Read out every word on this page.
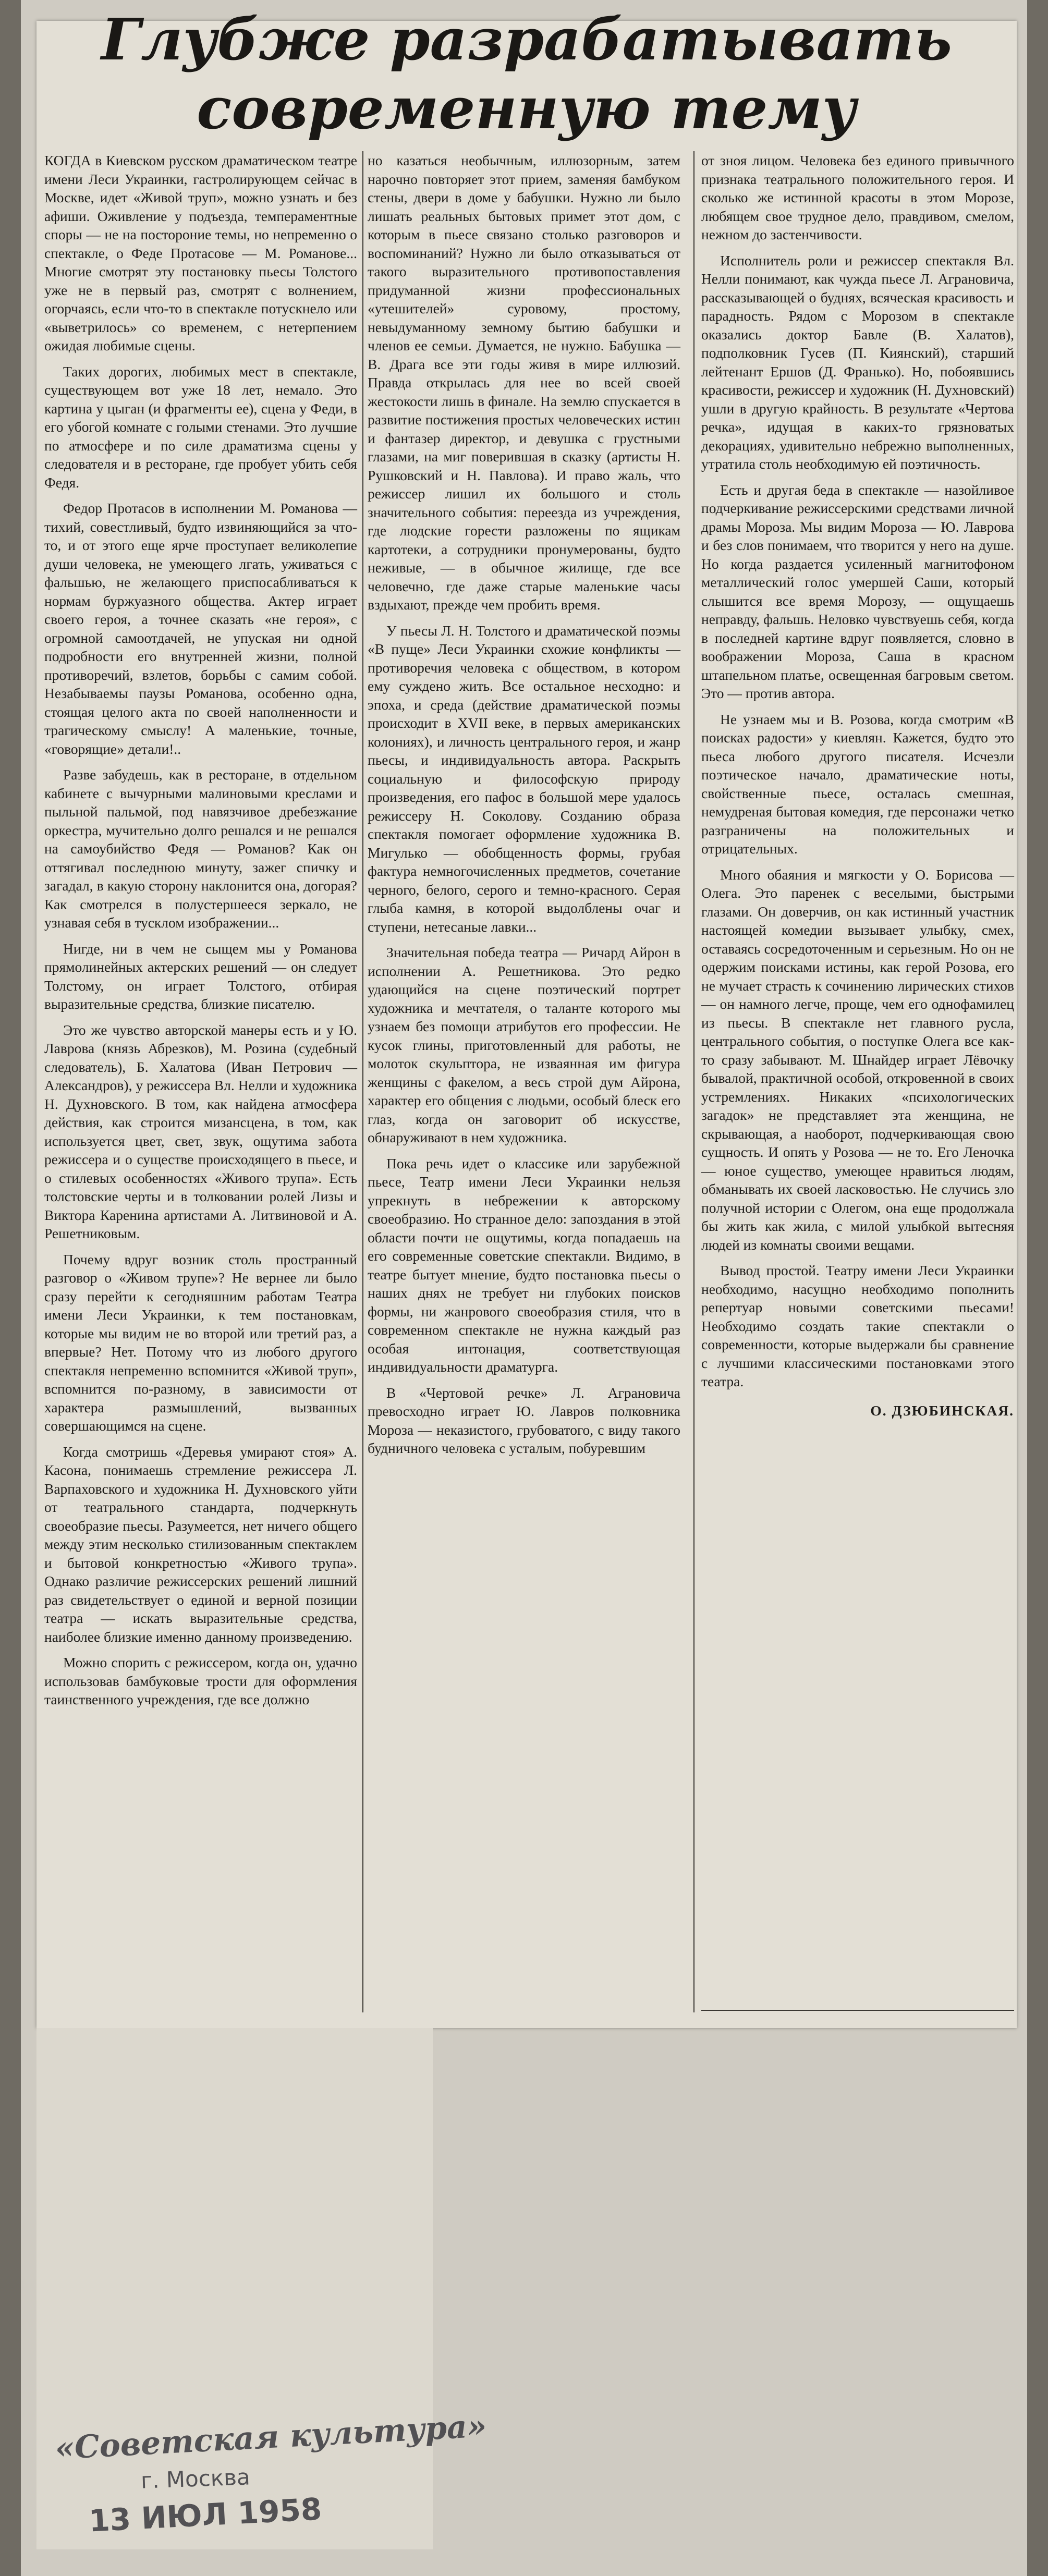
Глубже разрабатывать
современную тему

КОГДА в Киевском русском драматическом театре имени Леси Украинки, гастролирующем сейчас в Москве, идет «Живой труп», можно узнать и без афиши. Оживление у подъезда, темпераментные споры — не на постороние темы, но непременно о спектакле, о Феде Протасове — М. Романове... Многие смотрят эту постановку пьесы Толстого уже не в первый раз, смотрят с волнением, огорчаясь, если что-то в спектакле потускнело или «выветрилось» со временем, с нетерпением ожидая любимые сцены.

Таких дорогих, любимых мест в спектакле, существующем вот уже 18 лет, немало. Это картина у цыган (и фрагменты ее), сцена у Феди, в его убогой комнате с голыми стенами. Это лучшие по атмосфере и по силе драматизма сцены у следователя и в ресторане, где пробует убить себя Федя.

Федор Протасов в исполнении М. Романова — тихий, совестливый, будто извиняющийся за что-то, и от этого еще ярче проступает великолепие души человека, не умеющего лгать, уживаться с фальшью, не желающего приспосабливаться к нормам буржуазного общества. Актер играет своего героя, а точнее сказать «не героя», с огромной самоотдачей, не упуская ни одной подробности его внутренней жизни, полной противоречий, взлетов, борьбы с самим собой. Незабываемы паузы Романова, особенно одна, стоящая целого акта по своей наполненности и трагическому смыслу! А маленькие, точные, «говорящие» детали!..

Разве забудешь, как в ресторане, в отдельном кабинете с вычурными малиновыми креслами и пыльной пальмой, под навязчивое дребезжание оркестра, мучительно долго решался и не решался на самоубийство Федя — Романов? Как он оттягивал последнюю минуту, зажег спичку и загадал, в какую сторону наклонится она, догорая? Как смотрелся в полустершееся зеркало, не узнавая себя в тусклом изображении...

Нигде, ни в чем не сыщем мы у Романова прямолинейных актерских решений — он следует Толстому, он играет Толстого, отбирая выразительные средства, близкие писателю.

Это же чувство авторской манеры есть и у Ю. Лаврова (князь Абрезков), М. Розина (судебный следователь), Б. Халатова (Иван Петрович — Александров), у режиссера Вл. Нелли и художника Н. Духновского. В том, как найдена атмосфера действия, как строится мизансцена, в том, как используется цвет, свет, звук, ощутима забота режиссера и о существе происходящего в пьесе, и о стилевых особенностях «Живого трупа». Есть толстовские черты и в толковании ролей Лизы и Виктора Каренина артистами А. Литвиновой и А. Решетниковым.

Почему вдруг возник столь пространный разговор о «Живом трупе»? Не вернее ли было сразу перейти к сегодняшним работам Театра имени Леси Украинки, к тем постановкам, которые мы видим не во второй или третий раз, а впервые? Нет. Потому что из любого другого спектакля непременно вспомнится «Живой труп», вспомнится по-разному, в зависимости от характера размышлений, вызванных совершающимся на сцене.

Когда смотришь «Деревья умирают стоя» А. Касона, понимаешь стремление режиссера Л. Варпаховского и художника Н. Духновского уйти от театрального стандарта, подчеркнуть своеобразие пьесы. Разумеется, нет ничего общего между этим несколько стилизованным спектаклем и бытовой конкретностью «Живого трупа». Однако различие режиссерских решений лишний раз свидетельствует о единой и верной позиции театра — искать выразительные средства, наиболее близкие именно данному произведению.

Можно спорить с режиссером, когда он, удачно использовав бамбуковые трости для оформления таинственного учреждения, где все должно

но казаться необычным, иллюзорным, затем нарочно повторяет этот прием, заменяя бамбуком стены, двери в доме у бабушки. Нужно ли было лишать реальных бытовых примет этот дом, с которым в пьесе связано столько разговоров и воспоминаний? Нужно ли было отказываться от такого выразительного противопоставления придуманной жизни профессиональных «утешителей» суровому, простому, невыдуманному земному бытию бабушки и членов ее семьи. Думается, не нужно. Бабушка — В. Драга все эти годы живя в мире иллюзий. Правда открылась для нее во всей своей жестокости лишь в финале. На землю спускается в развитие постижения простых человеческих истин и фантазер директор, и девушка с грустными глазами, на миг поверившая в сказку (артисты Н. Рушковский и Н. Павлова). И право жаль, что режиссер лишил их большого и столь значительного события: переезда из учреждения, где людские горести разложены по ящикам картотеки, а сотрудники пронумерованы, будто неживые, — в обычное жилище, где все человечно, где даже старые маленькие часы вздыхают, прежде чем пробить время.

У пьесы Л. Н. Толстого и драматической поэмы «В пуще» Леси Украинки схожие конфликты — противоречия человека с обществом, в котором ему суждено жить. Все остальное несходно: и эпоха, и среда (действие драматической поэмы происходит в XVII веке, в первых американских колониях), и личность центрального героя, и жанр пьесы, и индивидуальность автора. Раскрыть социальную и философскую природу произведения, его пафос в большой мере удалось режиссеру Н. Соколову. Созданию образа спектакля помогает оформление художника В. Мигулько — обобщенность формы, грубая фактура немногочисленных предметов, сочетание черного, белого, серого и темно-красного. Серая глыба камня, в которой выдолблены очаг и ступени, нетесаные лавки...

Значительная победа театра — Ричард Айрон в исполнении А. Решетникова. Это редко удающийся на сцене поэтический портрет художника и мечтателя, о таланте которого мы узнаем без помощи атрибутов его профессии. Не кусок глины, приготовленный для работы, не молоток скульптора, не изваянная им фигура женщины с факелом, а весь строй дум Айрона, характер его общения с людьми, особый блеск его глаз, когда он заговорит об искусстве, обнаруживают в нем художника.

Пока речь идет о классике или зарубежной пьесе, Театр имени Леси Украинки нельзя упрекнуть в небрежении к авторскому своеобразию. Но странное дело: запоздания в этой области почти не ощутимы, когда попадаешь на его современные советские спектакли. Видимо, в театре бытует мнение, будто постановка пьесы о наших днях не требует ни глубоких поисков формы, ни жанрового своеобразия стиля, что в современном спектакле не нужна каждый раз особая интонация, соответствующая индивидуальности драматурга.

В «Чертовой речке» Л. Аграновича превосходно играет Ю. Лавров полковника Мороза — неказистого, грубоватого, с виду такого будничного человека с усталым, побуревшим

от зноя лицом. Человека без единого привычного признака театрального положительного героя. И сколько же истинной красоты в этом Морозе, любящем свое трудное дело, правдивом, смелом, нежном до застенчивости.

Исполнитель роли и режиссер спектакля Вл. Нелли понимают, как чужда пьесе Л. Аграновича, рассказывающей о буднях, всяческая красивость и парадность. Рядом с Морозом в спектакле оказались доктор Бавле (В. Халатов), подполковник Гусев (П. Киянский), старший лейтенант Ершов (Д. Франько). Но, побоявшись красивости, режиссер и художник (Н. Духновский) ушли в другую крайность. В результате «Чертова речка», идущая в каких-то грязноватых декорациях, удивительно небрежно выполненных, утратила столь необходимую ей поэтичность.

Есть и другая беда в спектакле — назойливое подчеркивание режиссерскими средствами личной драмы Мороза. Мы видим Мороза — Ю. Лаврова и без слов понимаем, что творится у него на душе. Но когда раздается усиленный магнитофоном металлический голос умершей Саши, который слышится все время Морозу, — ощущаешь неправду, фальшь. Неловко чувствуешь себя, когда в последней картине вдруг появляется, словно в воображении Мороза, Саша в красном штапельном платье, освещенная багровым светом. Это — против автора.

Не узнаем мы и В. Розова, когда смотрим «В поисках радости» у киевлян. Кажется, будто это пьеса любого другого писателя. Исчезли поэтическое начало, драматические ноты, свойственные пьесе, осталась смешная, немудреная бытовая комедия, где персонажи четко разграничены на положительных и отрицательных.

Много обаяния и мягкости у О. Борисова — Олега. Это паренек с веселыми, быстрыми глазами. Он доверчив, он как истинный участник настоящей комедии вызывает улыбку, смех, оставаясь сосредоточенным и серьезным. Но он не одержим поисками истины, как герой Розова, его не мучает страсть к сочинению лирических стихов — он намного легче, проще, чем его однофамилец из пьесы. В спектакле нет главного русла, центрального события, о поступке Олега все как-то сразу забывают. М. Шнайдер играет Лёвочку бывалой, практичной особой, откровенной в своих устремлениях. Никаких «психологических загадок» не представляет эта женщина, не скрывающая, а наоборот, подчеркивающая свою сущность. И опять у Розова — не то. Его Леночка — юное существо, умеющее нравиться людям, обманывать их своей ласковостью. Не случись зло получной истории с Олегом, она еще продолжала бы жить как жила, с милой улыбкой вытесняя людей из комнаты своими вещами.

Вывод простой. Театру имени Леси Украинки необходимо, насущно необходимо пополнить репертуар новыми советскими пьесами! Необходимо создать такие спектакли о современности, которые выдержали бы сравнение с лучшими классическими постановками этого театра.

О. ДЗЮБИНСКАЯ.
«Советская культура»
г. Москва
13 ИЮЛ 1958
